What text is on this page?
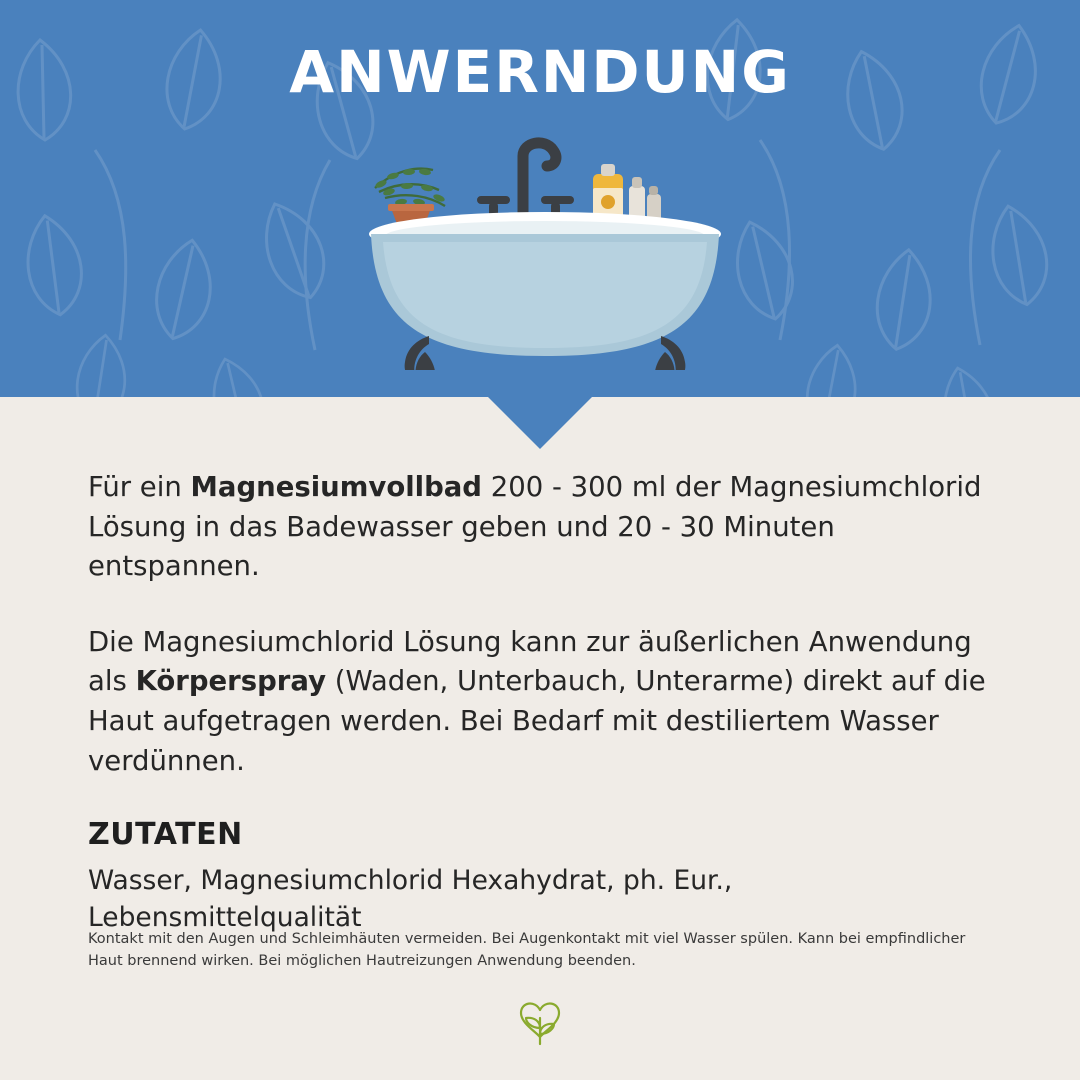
ANWERNDUNG

Für ein Magnesiumvollbad 200 - 300 ml der Magnesiumchlorid Lösung in das Badewasser geben und 20 - 30 Minuten entspannen.

Die Magnesiumchlorid Lösung kann zur äußerlichen Anwendung als Körperspray (Waden, Unterbauch, Unterarme) direkt auf die Haut aufgetragen werden. Bei Bedarf mit destiliertem Wasser verdünnen.

ZUTATEN

Wasser, Magnesiumchlorid Hexahydrat, ph. Eur., Lebensmittelqualität

Kontakt mit den Augen und Schleimhäuten vermeiden. Bei Augenkontakt mit viel Wasser spülen. Kann bei empfindlicher Haut brennend wirken. Bei möglichen Hautreizungen Anwendung beenden.
